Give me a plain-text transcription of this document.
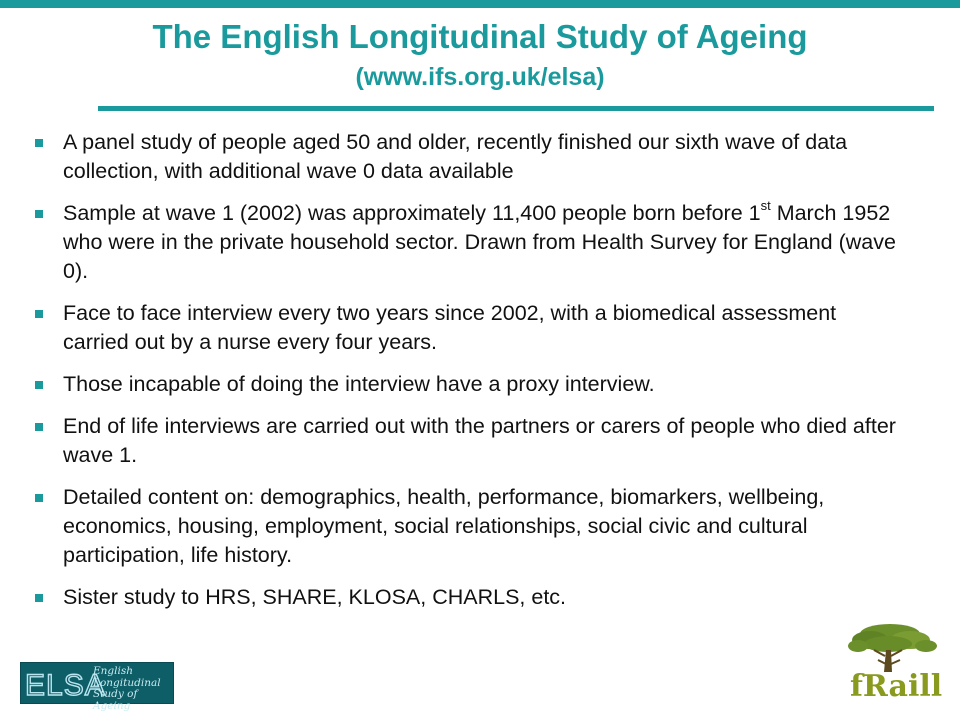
The English Longitudinal Study of Ageing
(www.ifs.org.uk/elsa)
A panel study of people aged 50 and older, recently finished our sixth wave of data collection, with additional wave 0 data available
Sample at wave 1 (2002) was approximately 11,400 people born before 1st March 1952 who were in the private household sector. Drawn from Health Survey for England (wave 0).
Face to face interview every two years since 2002, with a biomedical assessment carried out by a nurse every four years.
Those incapable of doing the interview have a proxy interview.
End of life interviews are carried out with the partners or carers of people who died after wave 1.
Detailed content on: demographics, health, performance, biomarkers, wellbeing, economics, housing, employment, social relationships, social civic and cultural participation, life history.
Sister study to HRS, SHARE, KLOSA, CHARLS, etc.
ELSA
English
Longitudinal
Study of Ageing
fRaill
